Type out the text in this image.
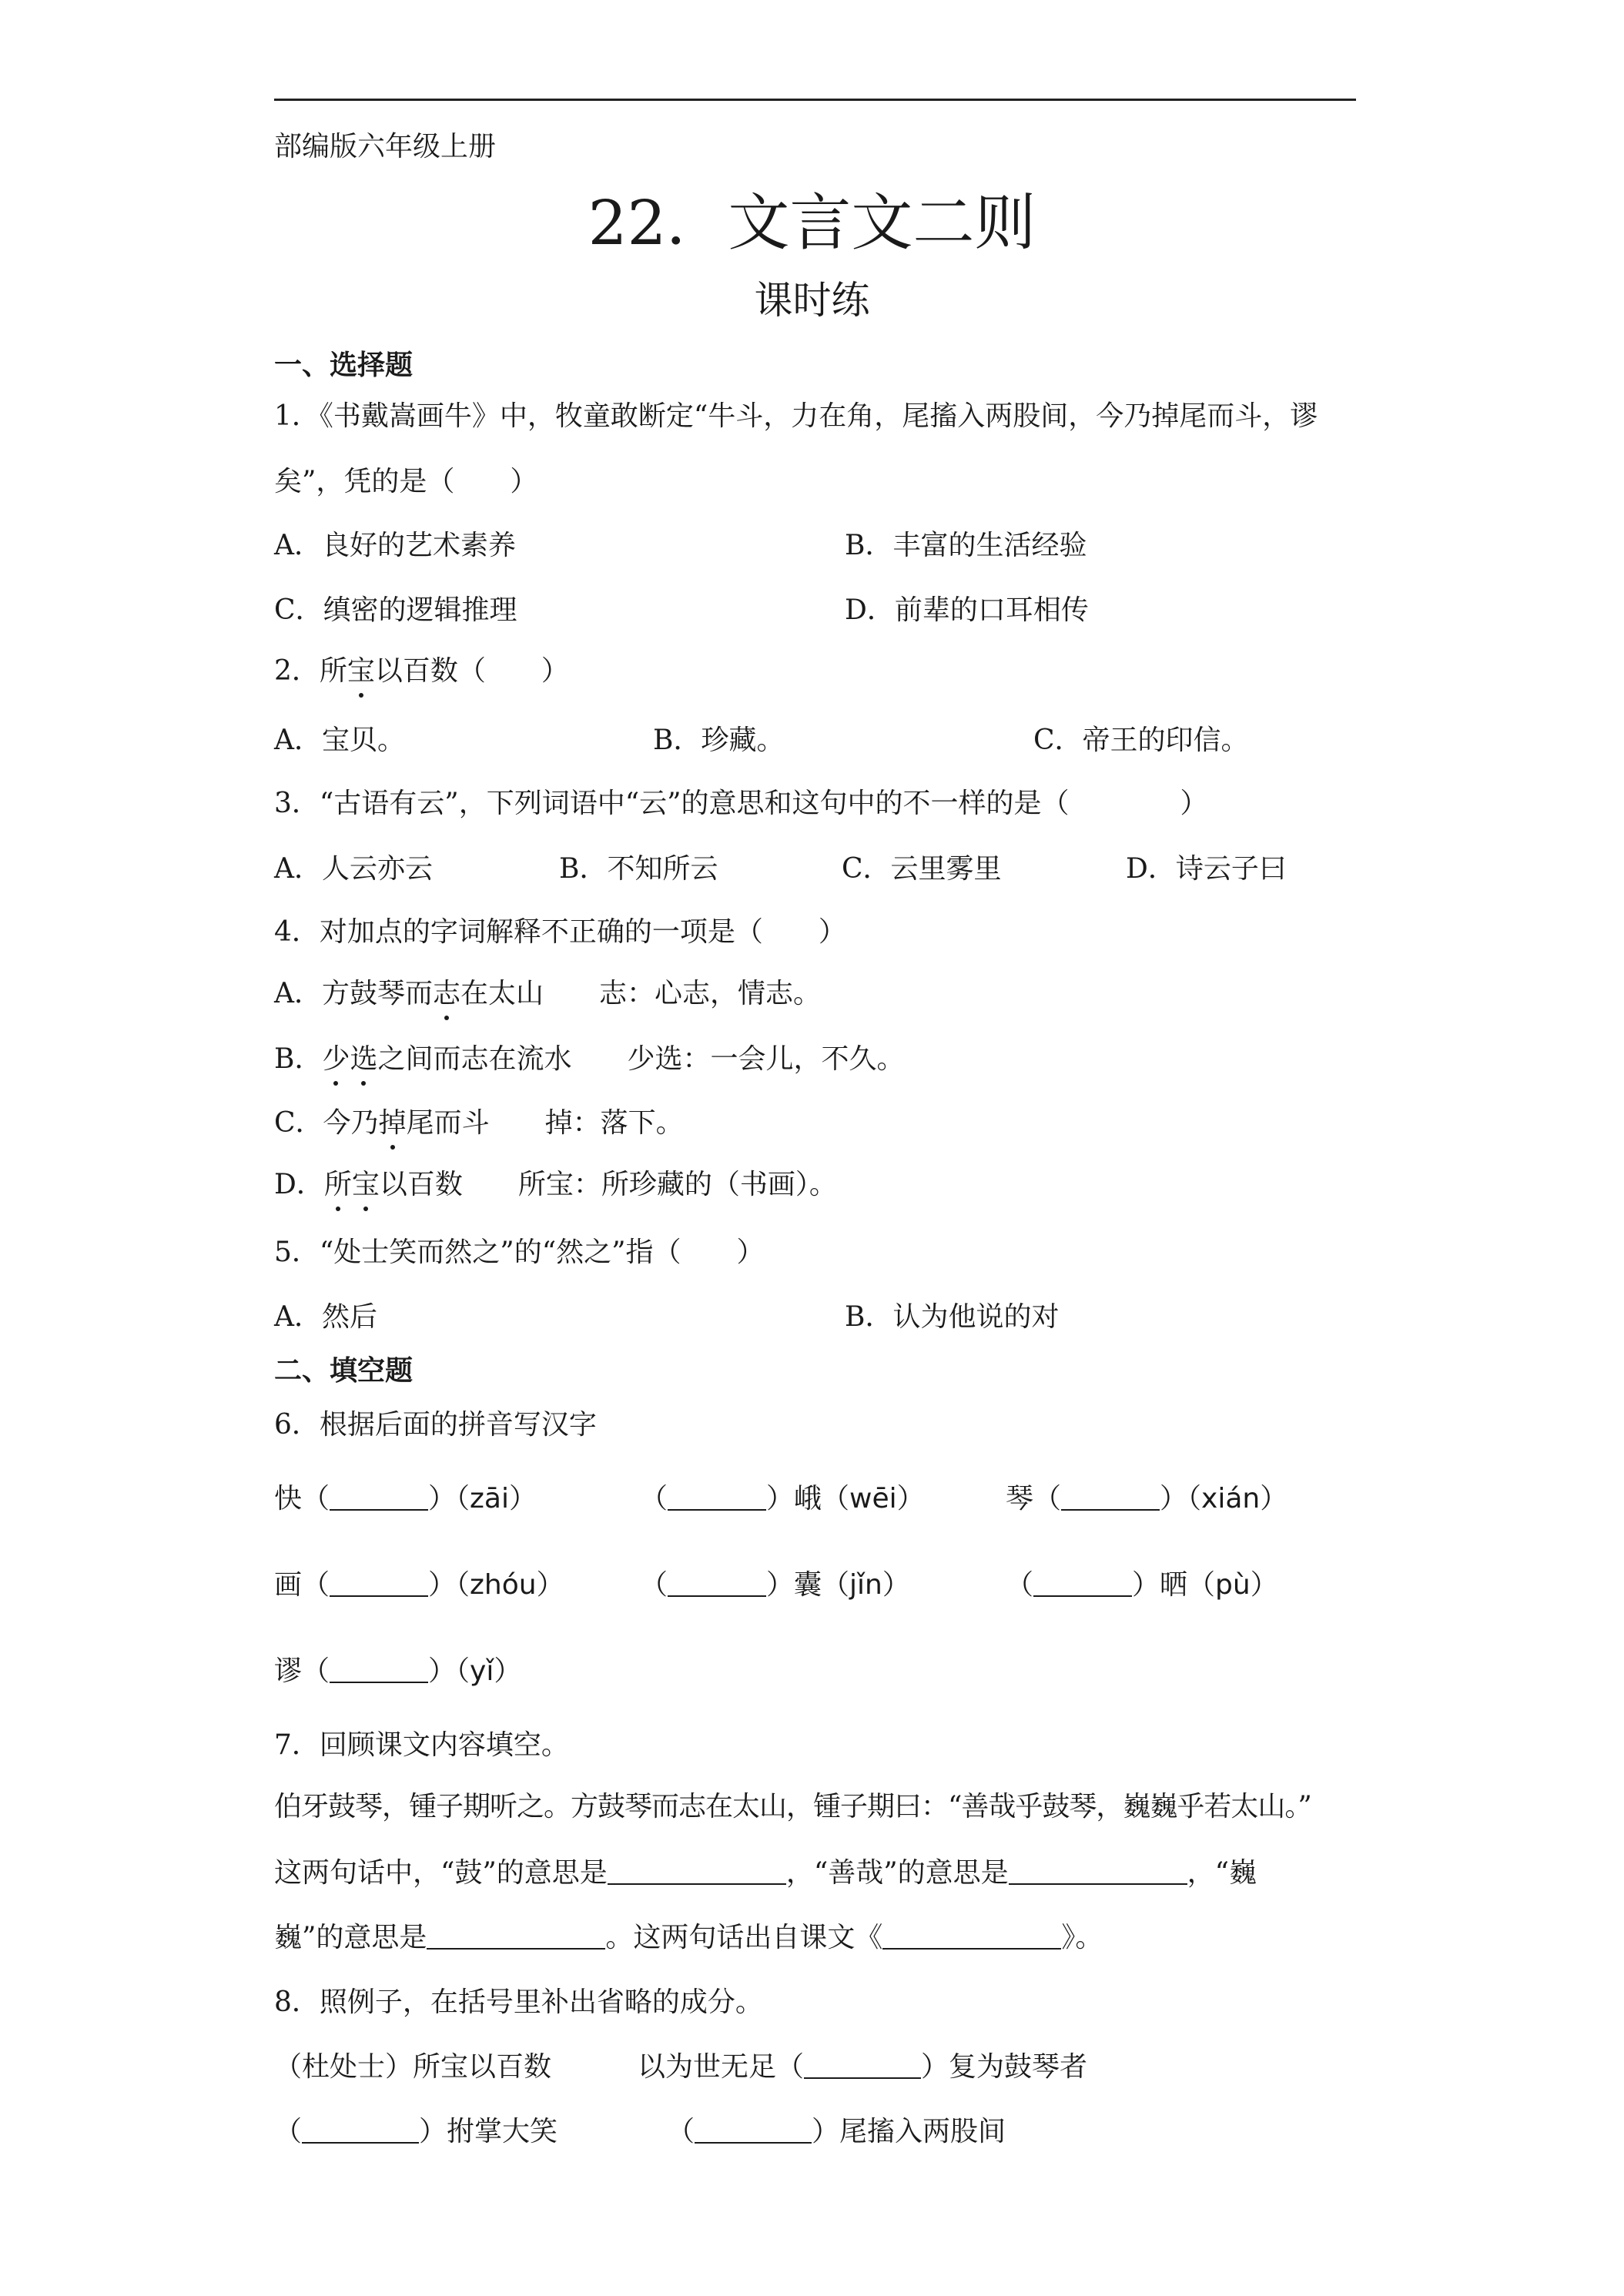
部编版六年级上册
22．文言文二则
课时练
一、选择题
1．《书戴嵩画牛》中，牧童敢断定“牛斗，力在角，尾搐入两股间，今乃掉尾而斗，谬
矣”，凭的是（　　）
A．良好的艺术素养	B．丰富的生活经验
C．缜密的逻辑推理	D．前辈的口耳相传
2．所宝以百数（　　）
A．宝贝。	B．珍藏。	C．帝王的印信。
3．“古语有云”，下列词语中“云”的意思和这句中的不一样的是（　　　　）
A．人云亦云	B．不知所云	C．云里雾里	D．诗云子曰
4．对加点的字词解释不正确的一项是（　　）
A．方鼓琴而志在太山　　志：心志，情志。
B．少选之间而志在流水　　少选：一会儿，不久。
C．今乃掉尾而斗　　掉：落下。
D．所宝以百数　　所宝：所珍藏的（书画）。
5．“处士笑而然之”的“然之”指（　　）
A．然后	B．认为他说的对
二、填空题
6．根据后面的拼音写汉字
快（	）（zāi）	（	）峨（wēi）	琴（	）（xián）
画（	）（zhóu）	（	）囊（jǐn）	（	）晒（pù）
谬（	）（yǐ）
7．回顾课文内容填空。
伯牙鼓琴，锺子期听之。方鼓琴而志在太山，锺子期曰：“善哉乎鼓琴，巍巍乎若太山。”
这两句话中，“鼓”的意思是	，“善哉”的意思是	，“巍
巍”的意思是	。这两句话出自课文《	》。
8．照例子，在括号里补出省略的成分。
（杜处士）所宝以百数	以为世无足（	）复为鼓琴者
（	）拊掌大笑	（	）尾搐入两股间
